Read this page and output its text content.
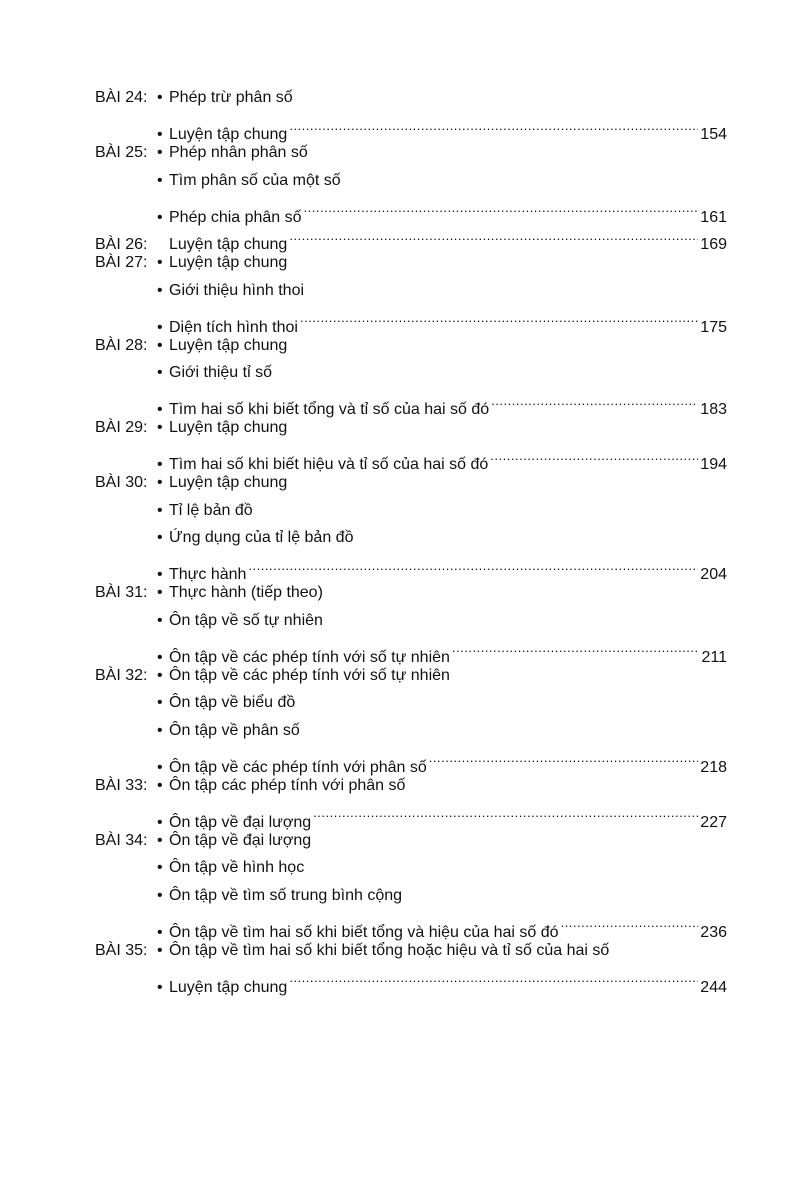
BÀI 24: • Phép trừ phân số
• Luyện tập chung .....	154
BÀI 25: • Phép nhân phân số
• Tìm phân số của một số
• Phép chia phân số .....	161
BÀI 26:	Luyện tập chung .....	169
BÀI 27: • Luyện tập chung
• Giới thiệu hình thoi
• Diện tích hình thoi .....	175
BÀI 28: • Luyện tập chung
• Giới thiệu tỉ số
• Tìm hai số khi biết tổng và tỉ số của hai số đó .....	183
BÀI 29: • Luyện tập chung
• Tìm hai số khi biết hiệu và tỉ số của hai số đó .....	194
BÀI 30: • Luyện tập chung
• Tỉ lệ bản đồ
• Ứng dụng của tỉ lệ bản đồ
• Thực hành .....	204
BÀI 31: • Thực hành (tiếp theo)
• Ôn tập về số tự nhiên
• Ôn tập về các phép tính với số tự nhiên .....	211
BÀI 32: • Ôn tập về các phép tính với số tự nhiên
• Ôn tập về biểu đồ
• Ôn tập về phân số
• Ôn tập về các phép tính với phân số .....	218
BÀI 33: • Ôn tập các phép tính với phân số
• Ôn tập về đại lượng .....	227
BÀI 34: • Ôn tập về đại lượng
• Ôn tập về hình học
• Ôn tập về tìm số trung bình cộng
• Ôn tập về tìm hai số khi biết tổng và hiệu của hai số đó .....	236
BÀI 35: • Ôn tập về tìm hai số khi biết tổng hoặc hiệu và tỉ số của hai số
• Luyện tập chung .....	244
